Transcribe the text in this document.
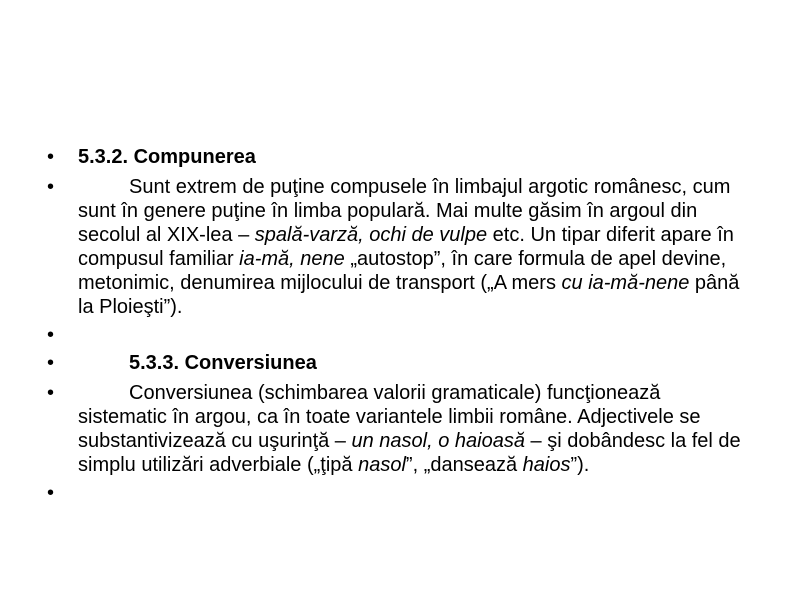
• 5.3.2. Compunerea

•	Sunt extrem de puţine compusele în limbajul argotic românesc, cum sunt în genere puţine în limba populară. Mai multe găsim în argoul din secolul al XIX-lea – spală-varză, ochi de vulpe etc. Un tipar diferit apare în compusul familiar ia-mă, nene „autostop”, în care formula de apel devine, metonimic, denumirea mijlocului de transport („A mers cu ia-mă-nene până la Ploieşti”).

•

•	5.3.3. Conversiunea

•	Conversiunea (schimbarea valorii gramaticale) funcţionează sistematic în argou, ca în toate variantele limbii române. Adjectivele se substantivizează cu uşurinţă – un nasol, o haioasă – şi dobândesc la fel de simplu utilizări adverbiale („ţipă nasol”, „dansează haios”).

•
